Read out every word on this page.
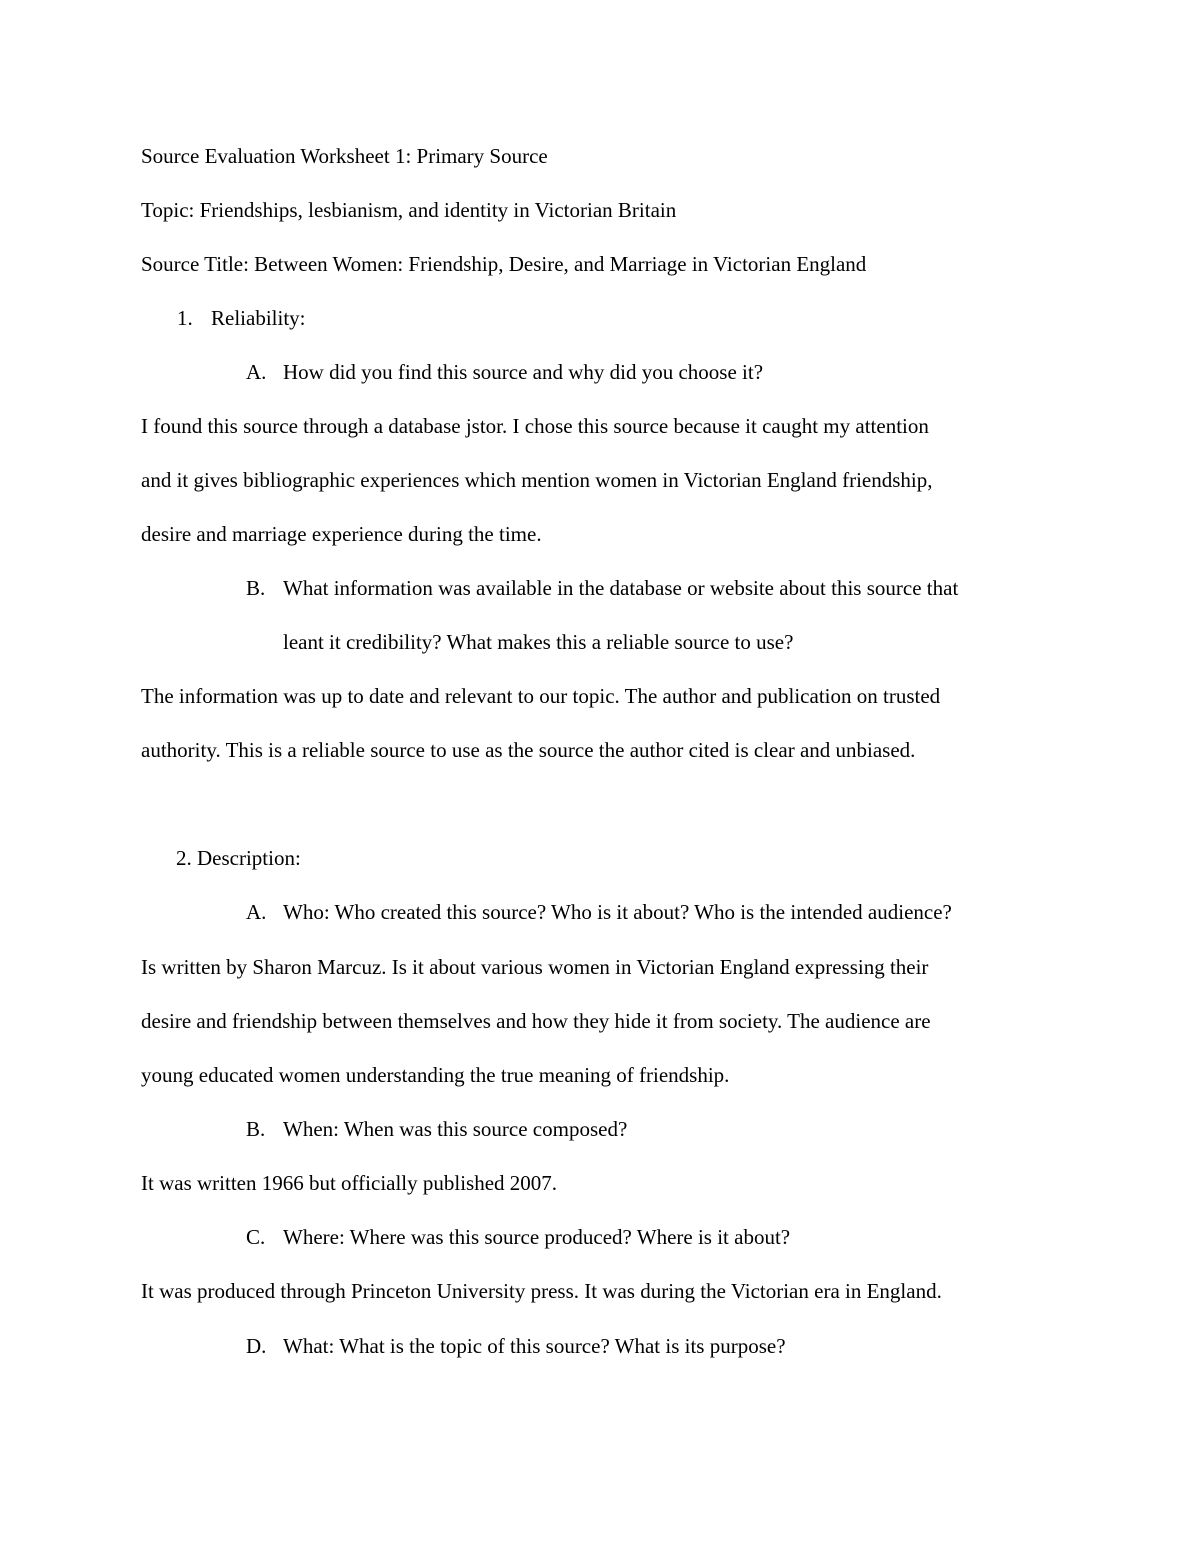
Source Evaluation Worksheet 1: Primary Source

Topic: Friendships, lesbianism, and identity in Victorian Britain

Source Title: Between Women: Friendship, Desire, and Marriage in Victorian England

1. Reliability:

A. How did you find this source and why did you choose it?

I found this source through a database jstor. I chose this source because it caught my attention

and it gives bibliographic experiences which mention women in Victorian England friendship,

desire and marriage experience during the time.

B. What information was available in the database or website about this source that

leant it credibility? What makes this a reliable source to use?

The information was up to date and relevant to our topic. The author and publication on trusted

authority. This is a reliable source to use as the source the author cited is clear and unbiased.

2. Description:

A. Who: Who created this source? Who is it about? Who is the intended audience?

Is written by Sharon Marcuz. Is it about various women in Victorian England expressing their

desire and friendship between themselves and how they hide it from society. The audience are

young educated women understanding the true meaning of friendship.

B. When: When was this source composed?

It was written 1966 but officially published 2007.

C. Where: Where was this source produced? Where is it about?

It was produced through Princeton University press. It was during the Victorian era in England.

D. What: What is the topic of this source? What is its purpose?
